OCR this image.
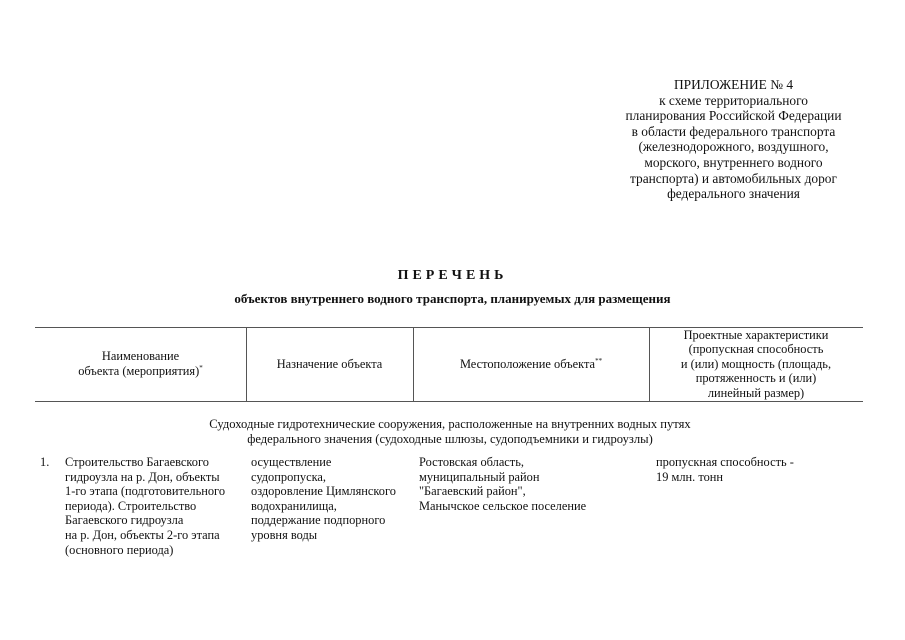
ПРИЛОЖЕНИЕ № 4
к схеме территориального
планирования Российской Федерации
в области федерального транспорта
(железнодорожного, воздушного,
морского, внутреннего водного
транспорта) и автомобильных дорог
федерального значения
ПЕРЕЧЕНЬ
объектов внутреннего водного транспорта, планируемых для размещения
Наименование
объекта (мероприятия)*	Назначение объекта	Местоположение объекта**
Проектные характеристики
(пропускная способность
и (или) мощность (площадь,
протяженность и (или)
линейный размер)
Судоходные гидротехнические сооружения, расположенные на внутренних водных путях
федерального значения (судоходные шлюзы, судоподъемники и гидроузлы)
1. Строительство Багаевского
гидроузла на р. Дон, объекты
1-го этапа (подготовительного
периода). Строительство
Багаевского гидроузла
на р. Дон, объекты 2-го этапа
(основного периода)
осуществление
судопропуска,
оздоровление Цимлянского
водохранилища,
поддержание подпорного
уровня воды
Ростовская область,
муниципальный район
"Багаевский район",
Манычское сельское поселение
пропускная способность -
19 млн. тонн
